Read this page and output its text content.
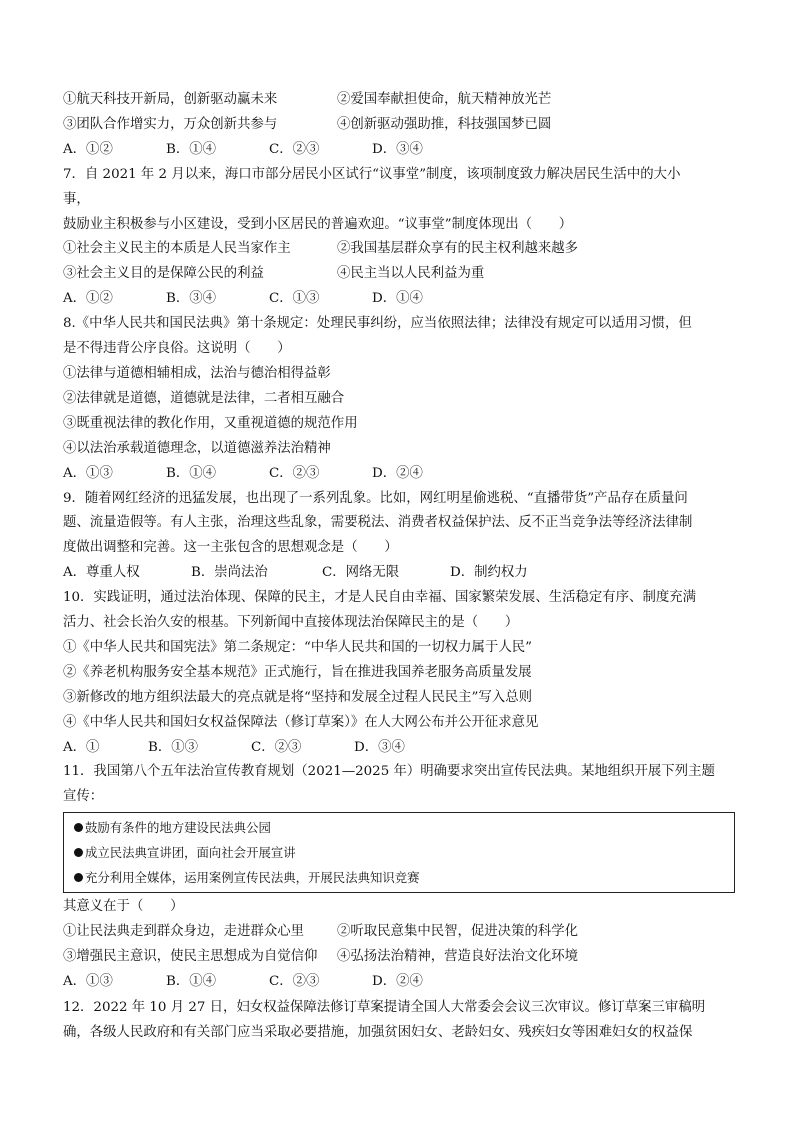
①航天科技开新局，创新驱动赢未来	②爱国奉献担使命，航天精神放光芒
③团队合作增实力，万众创新共参与	④创新驱动强助推，科技强国梦已圆
A．①②	B．①④	C．②③	D．③④
7．自 2021 年 2 月以来，海口市部分居民小区试行“议事堂”制度，该项制度致力解决居民生活中的大小
事，
鼓励业主积极参与小区建设，受到小区居民的普遍欢迎。“议事堂”制度体现出（　　）
①社会主义民主的本质是人民当家作主	②我国基层群众享有的民主权利越来越多
③社会主义目的是保障公民的利益	④民主当以人民利益为重
A．①②	B．③④	C．①③	D．①④
8.《中华人民共和国民法典》第十条规定：处理民事纠纷，应当依照法律；法律没有规定可以适用习惯，但
是不得违背公序良俗。这说明（　　）
①法律与道德相辅相成，法治与德治相得益彰
②法律就是道德，道德就是法律，二者相互融合
③既重视法律的教化作用，又重视道德的规范作用
④以法治承载道德理念，以道德滋养法治精神
A．①③	B．①④	C．②③	D．②④
9．随着网红经济的迅猛发展，也出现了一系列乱象。比如，网红明星偷逃税、“直播带货”产品存在质量问
题、流量造假等。有人主张，治理这些乱象，需要税法、消费者权益保护法、反不正当竞争法等经济法律制
度做出调整和完善。这一主张包含的思想观念是（　　）
A．尊重人权	B．崇尚法治	C．网络无限	D．制约权力
10．实践证明，通过法治体现、保障的民主，才是人民自由幸福、国家繁荣发展、生活稳定有序、制度充满
活力、社会长治久安的根基。下列新闻中直接体现法治保障民主的是（　　）
①《中华人民共和国宪法》第二条规定：“中华人民共和国的一切权力属于人民”
②《养老机构服务安全基本规范》正式施行，旨在推进我国养老服务高质量发展
③新修改的地方组织法最大的亮点就是将“坚持和发展全过程人民民主”写入总则
④《中华人民共和国妇女权益保障法（修订草案）》在人大网公布并公开征求意见
A．①	B．①③	C．②③	D．③④
11．我国第八个五年法治宣传教育规划（2021—2025 年）明确要求突出宣传民法典。某地组织开展下列主题
宣传：
鼓励有条件的地方建设民法典公园
成立民法典宣讲团，面向社会开展宣讲
充分利用全媒体，运用案例宣传民法典，开展民法典知识竞赛
其意义在于（　　）
①让民法典走到群众身边，走进群众心里	②听取民意集中民智，促进决策的科学化
③增强民主意识，使民主思想成为自觉信仰	④弘扬法治精神，营造良好法治文化环境
A．①③	B．①④	C．②③	D．②④
12．2022 年 10 月 27 日，妇女权益保障法修订草案提请全国人大常委会会议三次审议。修订草案三审稿明
确，各级人民政府和有关部门应当采取必要措施，加强贫困妇女、老龄妇女、残疾妇女等困难妇女的权益保
